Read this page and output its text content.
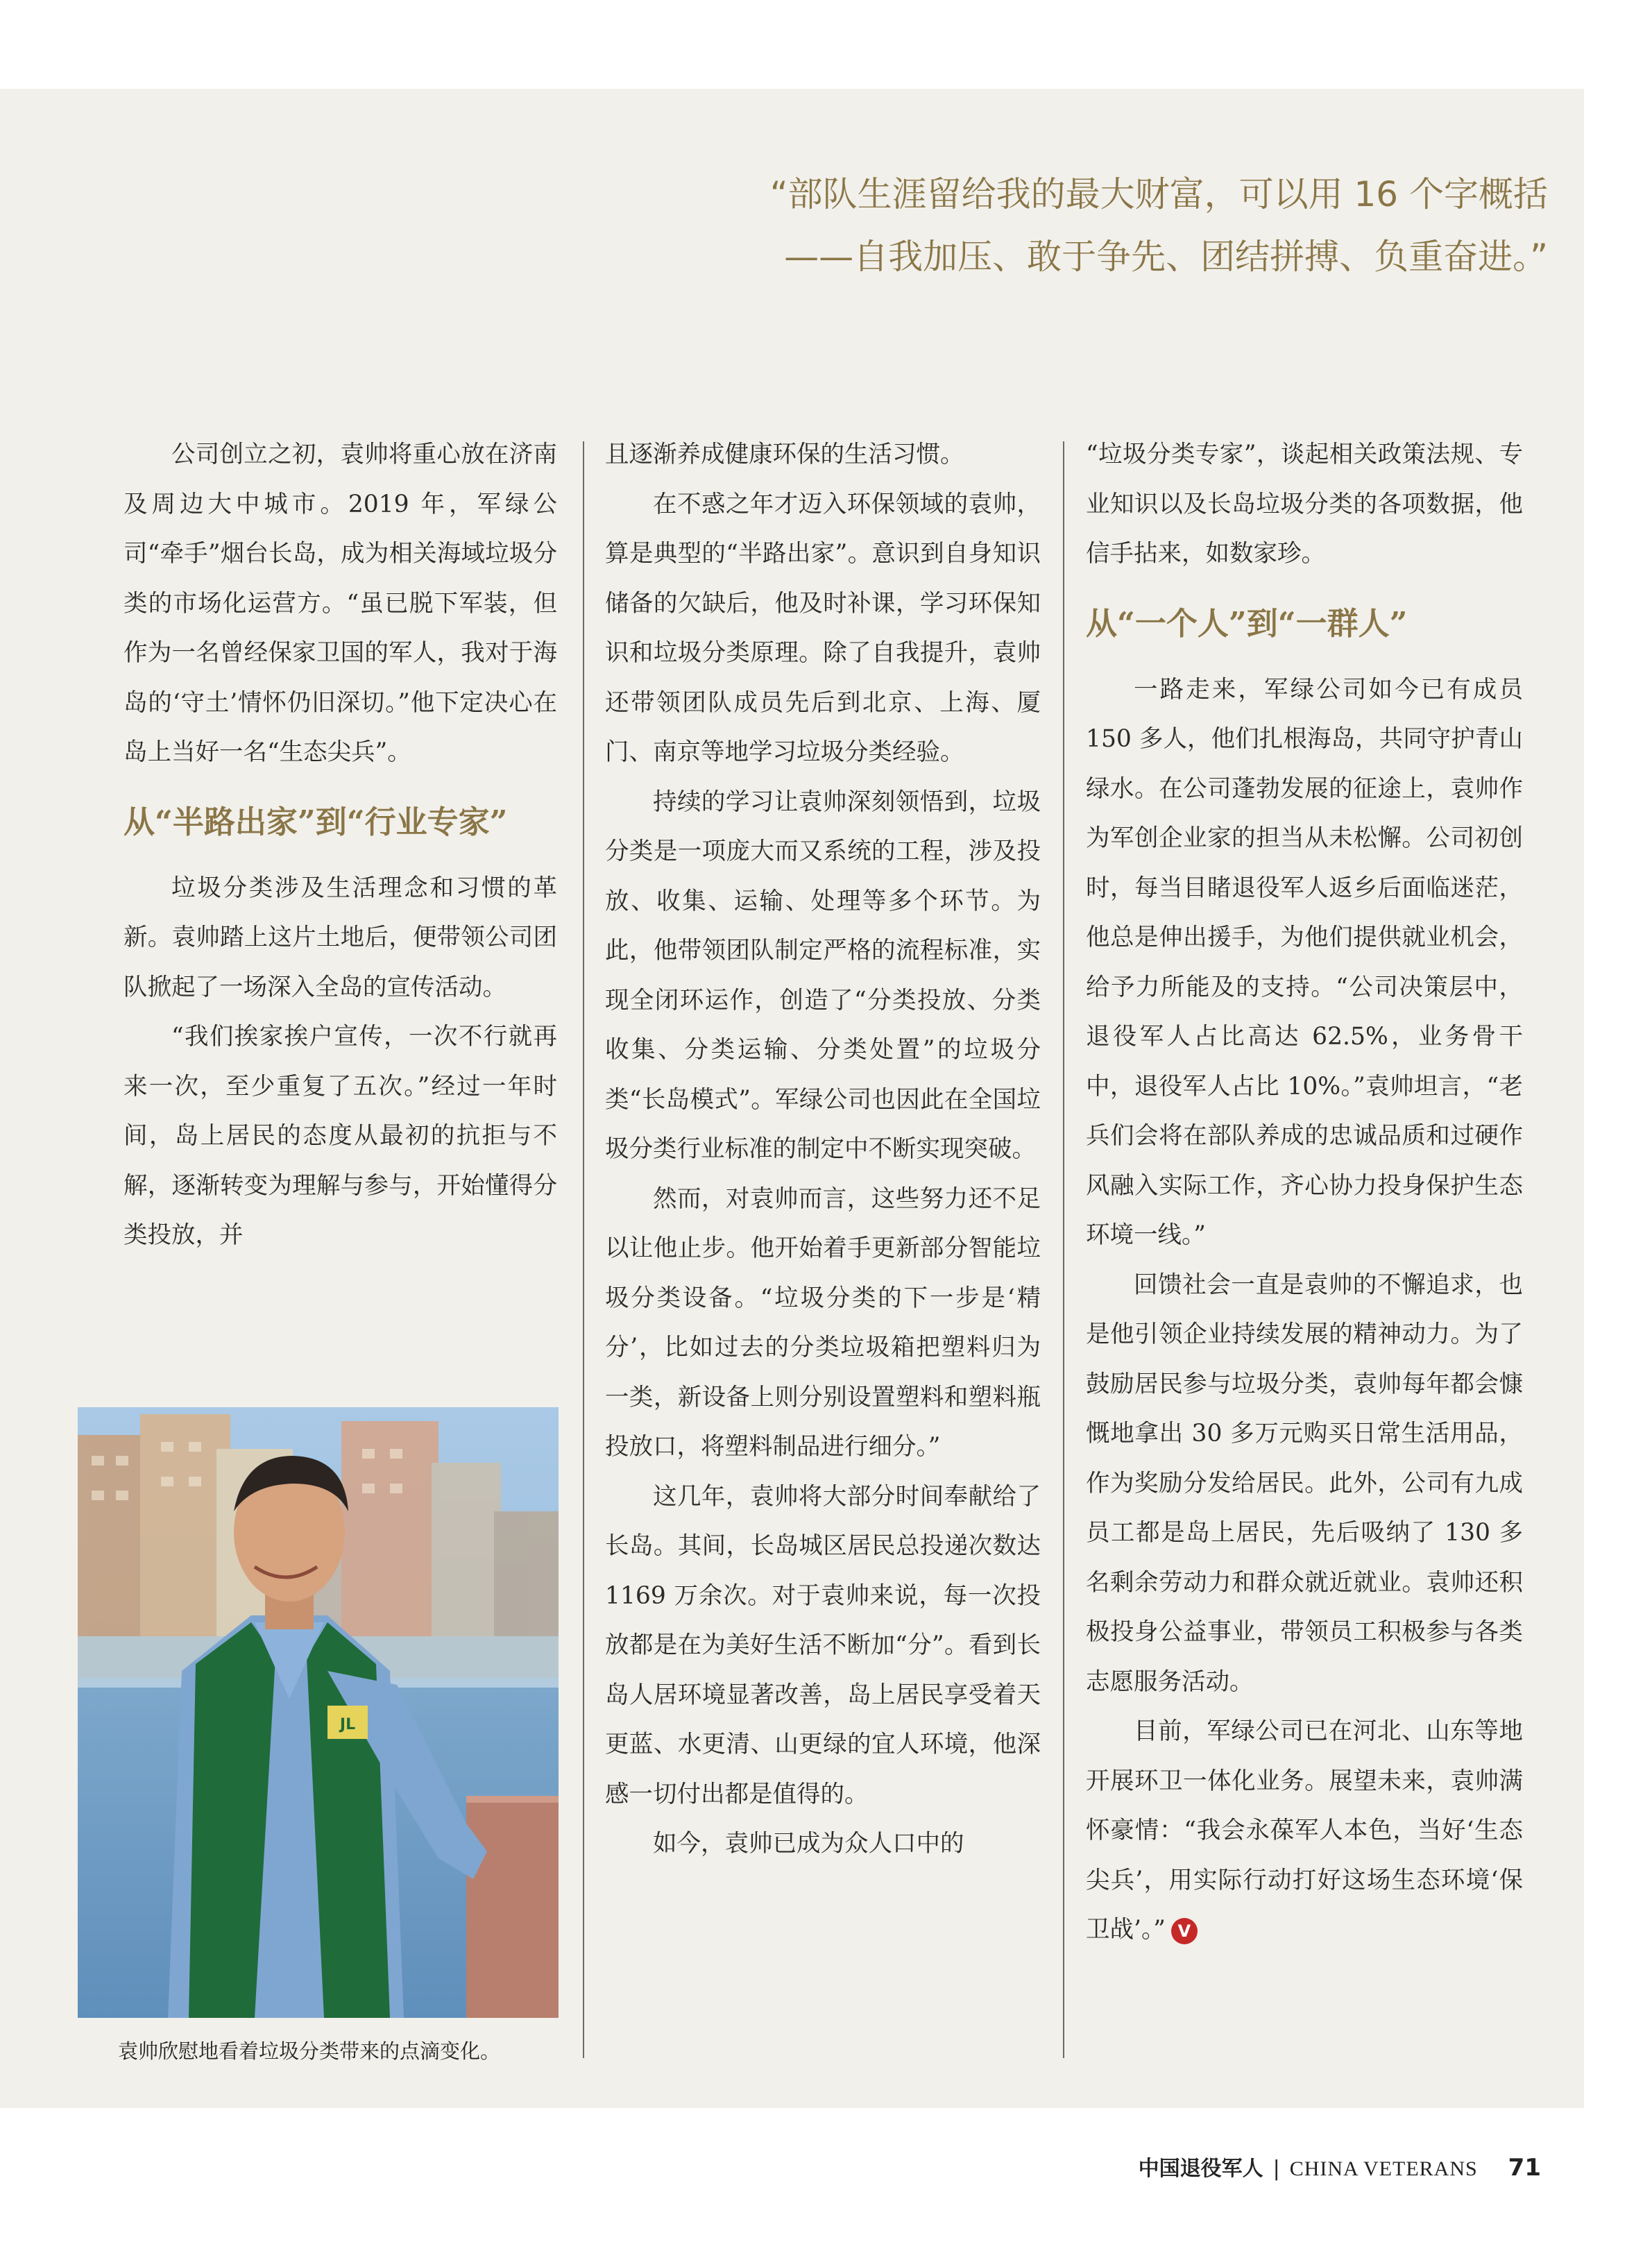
“部队生涯留给我的最大财富，可以用 16 个字概括
——自我加压、敢于争先、团结拼搏、负重奋进。”

公司创立之初，袁帅将重心放在济南及周边大中城市。2019 年，军绿公司“牵手”烟台长岛，成为相关海域垃圾分类的市场化运营方。“虽已脱下军装，但作为一名曾经保家卫国的军人，我对于海岛的‘守土’情怀仍旧深切。”他下定决心在岛上当好一名“生态尖兵”。

从“半路出家”到“行业专家”

垃圾分类涉及生活理念和习惯的革新。袁帅踏上这片土地后，便带领公司团队掀起了一场深入全岛的宣传活动。

“我们挨家挨户宣传，一次不行就再来一次，至少重复了五次。”经过一年时间，岛上居民的态度从最初的抗拒与不解，逐渐转变为理解与参与，开始懂得分类投放，并

且逐渐养成健康环保的生活习惯。

在不惑之年才迈入环保领域的袁帅，算是典型的“半路出家”。意识到自身知识储备的欠缺后，他及时补课，学习环保知识和垃圾分类原理。除了自我提升，袁帅还带领团队成员先后到北京、上海、厦门、南京等地学习垃圾分类经验。

持续的学习让袁帅深刻领悟到，垃圾分类是一项庞大而又系统的工程，涉及投放、收集、运输、处理等多个环节。为此，他带领团队制定严格的流程标准，实现全闭环运作，创造了“分类投放、分类收集、分类运输、分类处置”的垃圾分类“长岛模式”。军绿公司也因此在全国垃圾分类行业标准的制定中不断实现突破。

然而，对袁帅而言，这些努力还不足以让他止步。他开始着手更新部分智能垃圾分类设备。“垃圾分类的下一步是‘精分’，比如过去的分类垃圾箱把塑料归为一类，新设备上则分别设置塑料和塑料瓶投放口，将塑料制品进行细分。”

这几年，袁帅将大部分时间奉献给了长岛。其间，长岛城区居民总投递次数达 1169 万余次。对于袁帅来说，每一次投放都是在为美好生活不断加“分”。看到长岛人居环境显著改善，岛上居民享受着天更蓝、水更清、山更绿的宜人环境，他深感一切付出都是值得的。

如今，袁帅已成为众人口中的

“垃圾分类专家”，谈起相关政策法规、专业知识以及长岛垃圾分类的各项数据，他信手拈来，如数家珍。

从“一个人”到“一群人”

一路走来，军绿公司如今已有成员 150 多人，他们扎根海岛，共同守护青山绿水。在公司蓬勃发展的征途上，袁帅作为军创企业家的担当从未松懈。公司初创时，每当目睹退役军人返乡后面临迷茫，他总是伸出援手，为他们提供就业机会，给予力所能及的支持。“公司决策层中，退役军人占比高达 62.5%，业务骨干中，退役军人占比 10%。”袁帅坦言，“老兵们会将在部队养成的忠诚品质和过硬作风融入实际工作，齐心协力投身保护生态环境一线。”

回馈社会一直是袁帅的不懈追求，也是他引领企业持续发展的精神动力。为了鼓励居民参与垃圾分类，袁帅每年都会慷慨地拿出 30 多万元购买日常生活用品，作为奖励分发给居民。此外，公司有九成员工都是岛上居民，先后吸纳了 130 多名剩余劳动力和群众就近就业。袁帅还积极投身公益事业，带领员工积极参与各类志愿服务活动。

目前，军绿公司已在河北、山东等地开展环卫一体化业务。展望未来，袁帅满怀豪情：“我会永葆军人本色，当好‘生态尖兵’，用实际行动打好这场生态环境‘保卫战’。” V

JL
袁帅欣慰地看着垃圾分类带来的点滴变化。
中国退役军人 | CHINA VETERANS 71
